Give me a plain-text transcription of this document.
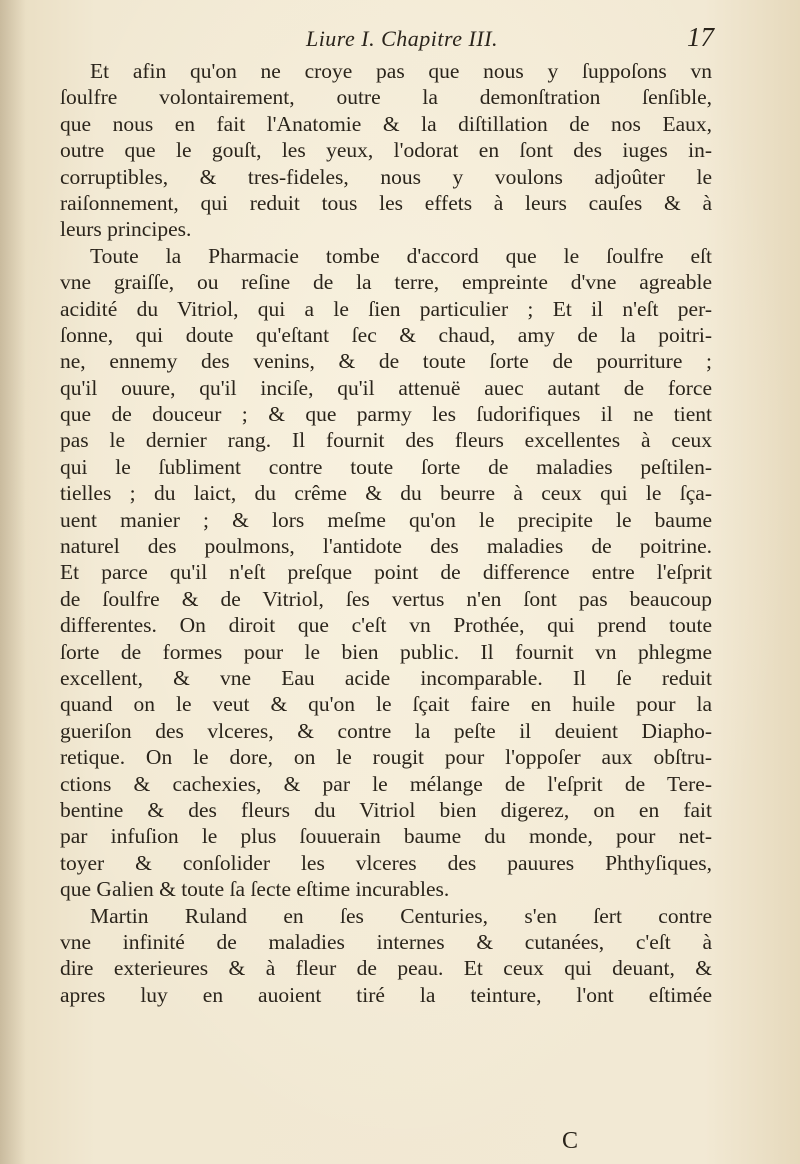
Liure I. Chapitre III.	17
Et afin qu'on ne croye pas que nous y ſuppoſons vn
ſoulfre volontairement, outre la demonſtration ſenſible,
que nous en fait l'Anatomie & la diſtillation de nos Eaux,
outre que le gouſt, les yeux, l'odorat en ſont des iuges in-
corruptibles, & tres-fideles, nous y voulons adjoûter le
raiſonnement, qui reduit tous les effets à leurs cauſes & à
leurs principes.
Toute la Pharmacie tombe d'accord que le ſoulfre eſt
vne graiſſe, ou reſine de la terre, empreinte d'vne agreable
acidité du Vitriol, qui a le ſien particulier ; Et il n'eſt per-
ſonne, qui doute qu'eſtant ſec & chaud, amy de la poitri-
ne, ennemy des venins, & de toute ſorte de pourriture ;
qu'il ouure, qu'il inciſe, qu'il attenuë auec autant de force
que de douceur ; & que parmy les ſudorifiques il ne tient
pas le dernier rang. Il fournit des fleurs excellentes à ceux
qui le ſubliment contre toute ſorte de maladies peſtilen-
tielles ; du laict, du crême & du beurre à ceux qui le ſça-
uent manier ; & lors meſme qu'on le precipite le baume
naturel des poulmons, l'antidote des maladies de poitrine.
Et parce qu'il n'eſt preſque point de difference entre l'eſprit
de ſoulfre & de Vitriol, ſes vertus n'en ſont pas beaucoup
differentes. On diroit que c'eſt vn Prothée, qui prend toute
ſorte de formes pour le bien public. Il fournit vn phlegme
excellent, & vne Eau acide incomparable. Il ſe reduit
quand on le veut & qu'on le ſçait faire en huile pour la
gueriſon des vlceres, & contre la peſte il deuient Diapho-
retique. On le dore, on le rougit pour l'oppoſer aux obſtru-
ctions & cachexies, & par le mélange de l'eſprit de Tere-
bentine & des fleurs du Vitriol bien digerez, on en fait
par infuſion le plus ſouuerain baume du monde, pour net-
toyer & conſolider les vlceres des pauures Phthyſiques,
que Galien & toute ſa ſecte eſtime incurables.
Martin Ruland en ſes Centuries, s'en ſert contre
vne infinité de maladies internes & cutanées, c'eſt à
dire exterieures & à fleur de peau. Et ceux qui deuant, &
apres luy en auoient tiré la teinture, l'ont eſtimée
C
